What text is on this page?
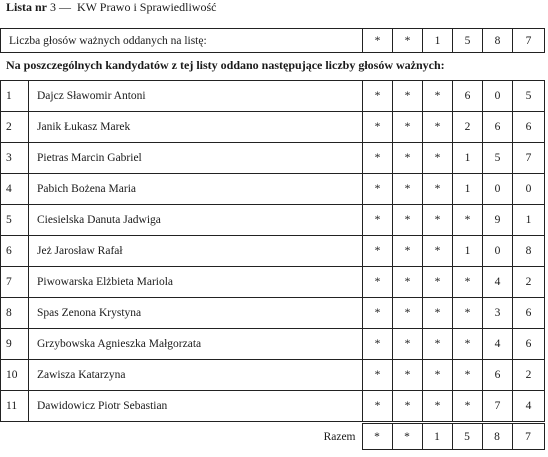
Lista nr 3 — KW Prawo i Sprawiedliwość
Liczba głosów ważnych oddanych na listę:	*	*	1	5	8	7
Na poszczególnych kandydatów z tej listy oddano następujące liczby głosów ważnych:
1	Dajcz Sławomir Antoni	*	*	*	6	0	5
2	Janik Łukasz Marek	*	*	*	2	6	6
3	Pietras Marcin Gabriel	*	*	*	1	5	7
4	Pabich Bożena Maria	*	*	*	1	0	0
5	Ciesielska Danuta Jadwiga	*	*	*	*	9	1
6	Jeż Jarosław Rafał	*	*	*	1	0	8
7	Piwowarska Elżbieta Mariola	*	*	*	*	4	2
8	Spas Zenona Krystyna	*	*	*	*	3	6
9	Grzybowska Agnieszka Małgorzata	*	*	*	*	4	6
10	Zawisza Katarzyna	*	*	*	*	6	2
11	Dawidowicz Piotr Sebastian	*	*	*	*	7	4
	Razem	*	*	1	5	8	7
